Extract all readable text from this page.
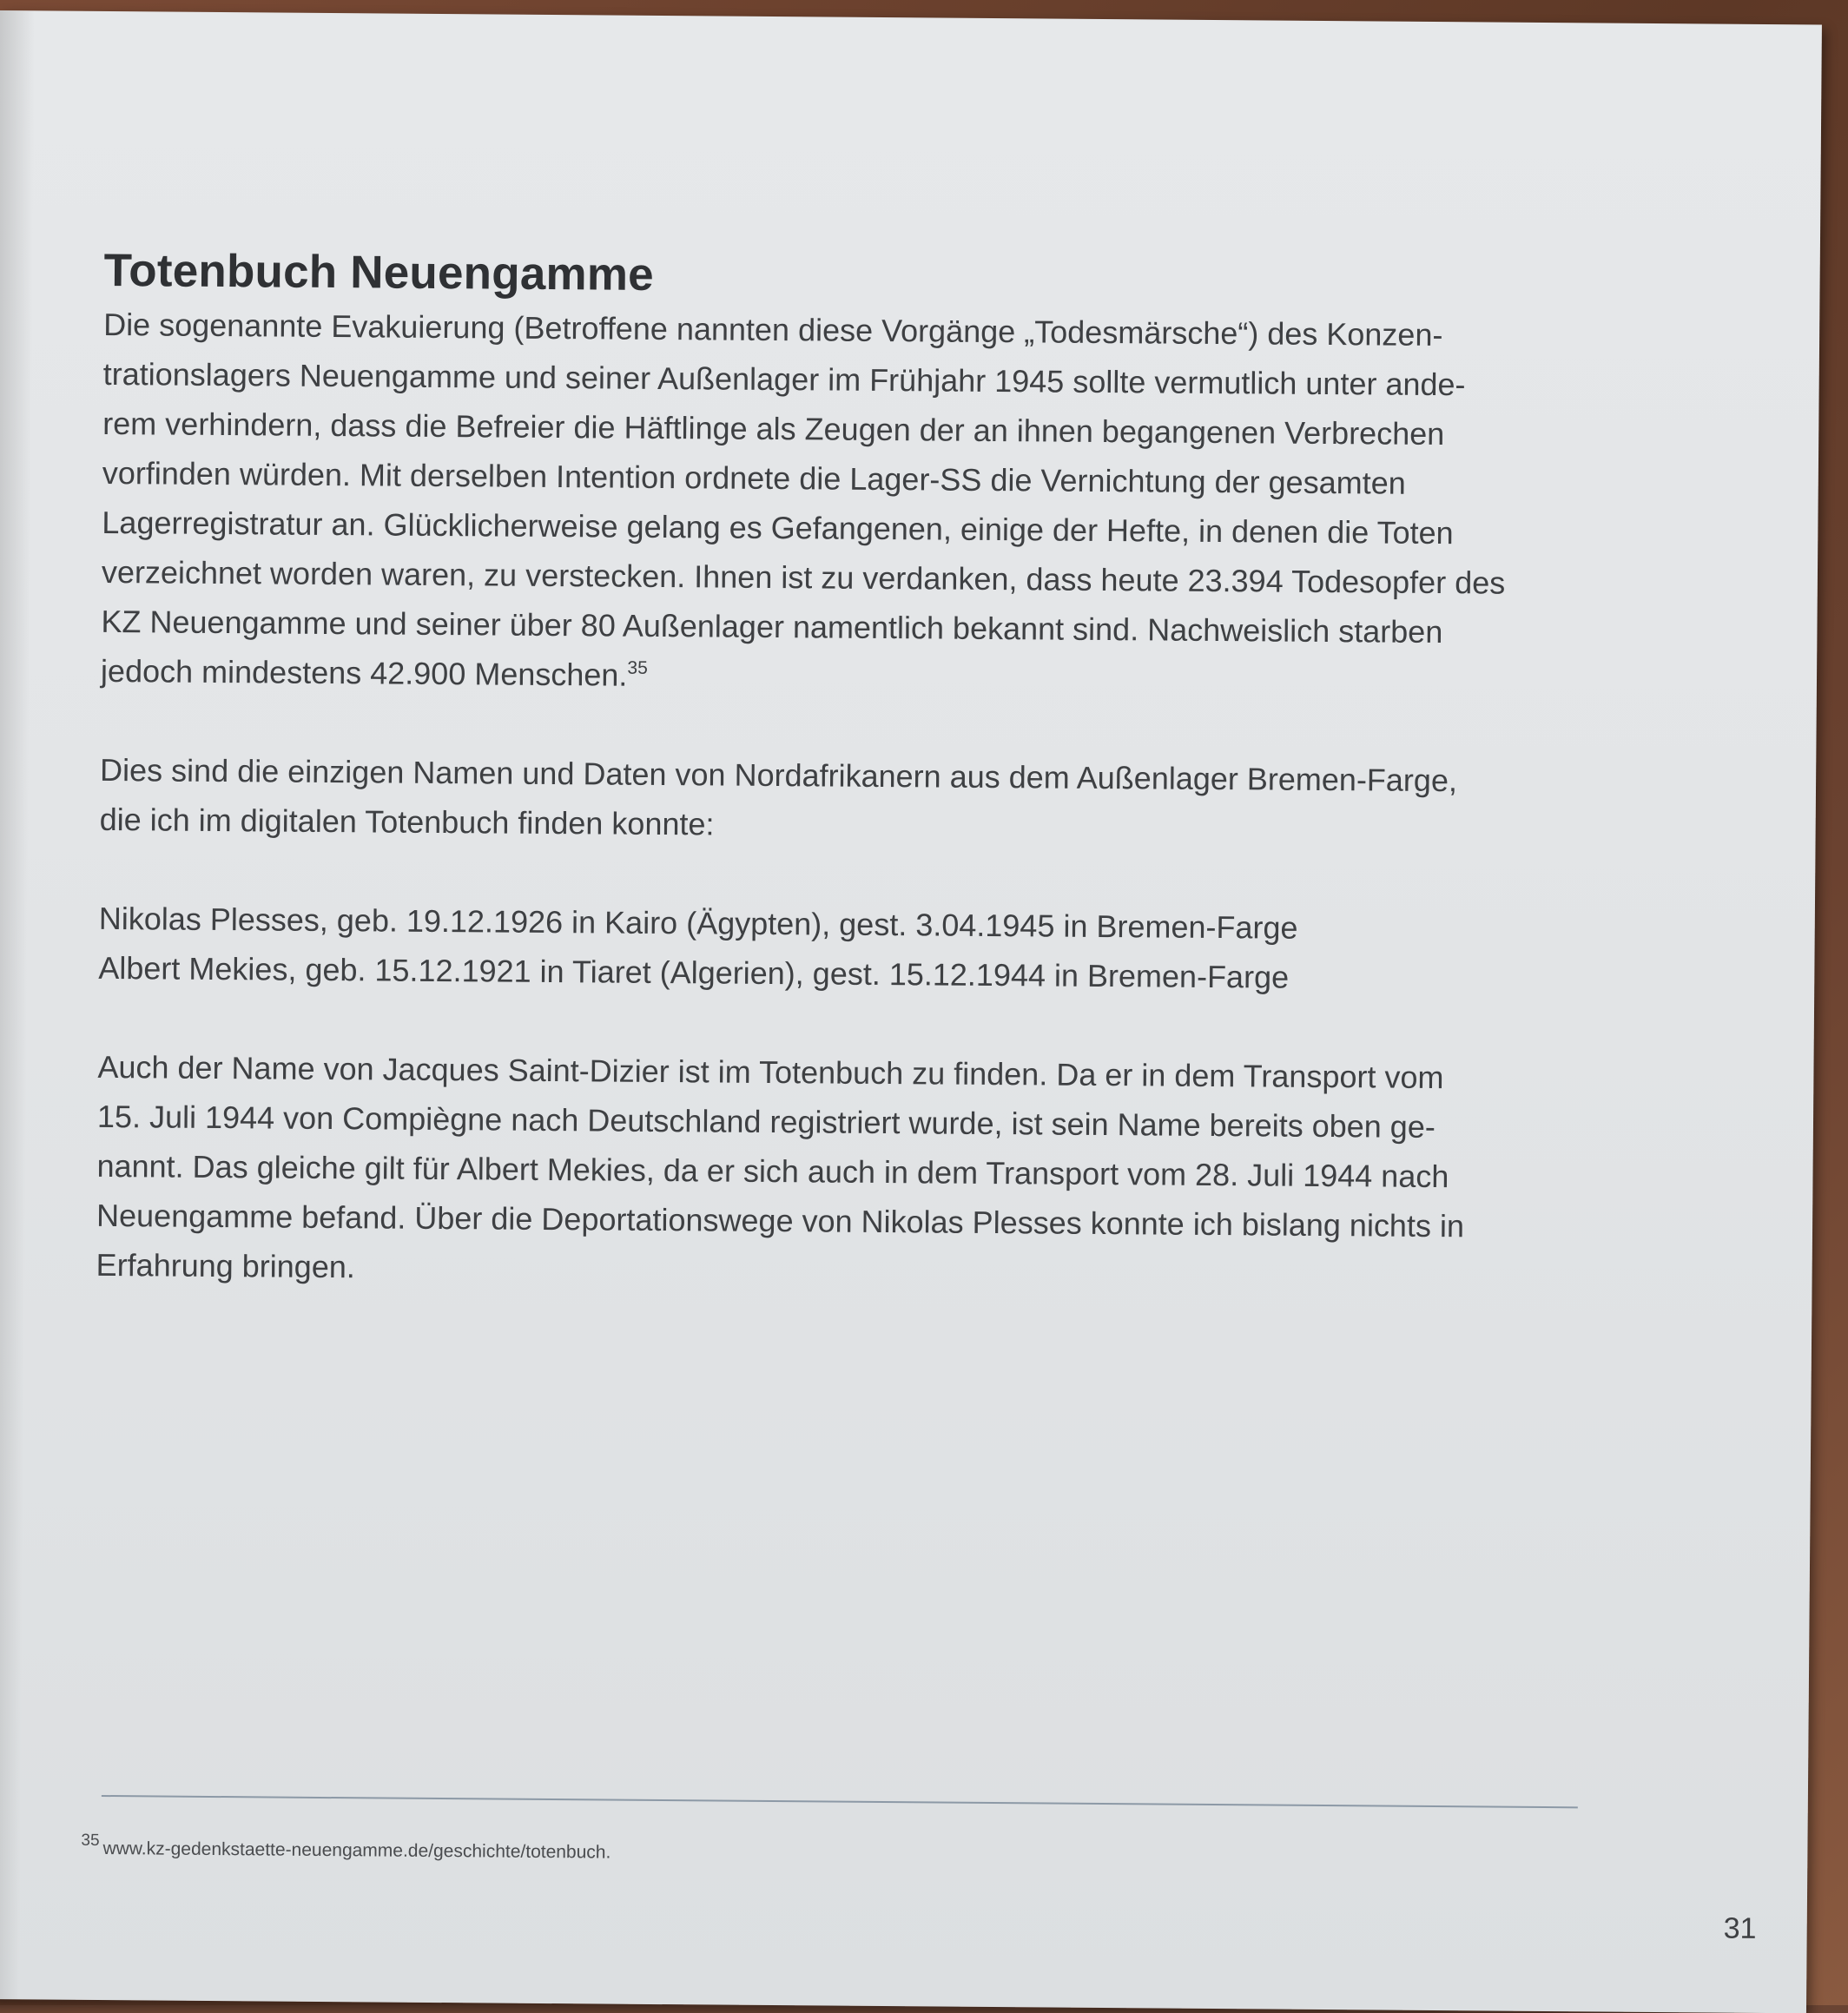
Totenbuch Neuengamme

Die sogenannte Evakuierung (Betroffene nannten diese Vorgänge „Todesmärsche“) des Konzen-
trationslagers Neuengamme und seiner Außenlager im Frühjahr 1945 sollte vermutlich unter ande-
rem verhindern, dass die Befreier die Häftlinge als Zeugen der an ihnen begangenen Verbrechen
vorfinden würden. Mit derselben Intention ordnete die Lager-SS die Vernichtung der gesamten
Lagerregistratur an. Glücklicherweise gelang es Gefangenen, einige der Hefte, in denen die Toten
verzeichnet worden waren, zu verstecken. Ihnen ist zu verdanken, dass heute 23.394 Todesopfer des
KZ Neuengamme und seiner über 80 Außenlager namentlich bekannt sind. Nachweislich starben
jedoch mindestens 42.900 Menschen.$^{35}$

Dies sind die einzigen Namen und Daten von Nordafrikanern aus dem Außenlager Bremen-Farge,
die ich im digitalen Totenbuch finden konnte:

Nikolas Plesses, geb. 19.12.1926 in Kairo (Ägypten), gest. 3.04.1945 in Bremen-Farge
Albert Mekies, geb. 15.12.1921 in Tiaret (Algerien), gest. 15.12.1944 in Bremen-Farge

Auch der Name von Jacques Saint-Dizier ist im Totenbuch zu finden. Da er in dem Transport vom
15. Juli 1944 von Compiègne nach Deutschland registriert wurde, ist sein Name bereits oben ge-
nannt. Das gleiche gilt für Albert Mekies, da er sich auch in dem Transport vom 28. Juli 1944 nach
Neuengamme befand. Über die Deportationswege von Nikolas Plesses konnte ich bislang nichts in
Erfahrung bringen.

35 www.kz-gedenkstaette-neuengamme.de/geschichte/totenbuch.
31
